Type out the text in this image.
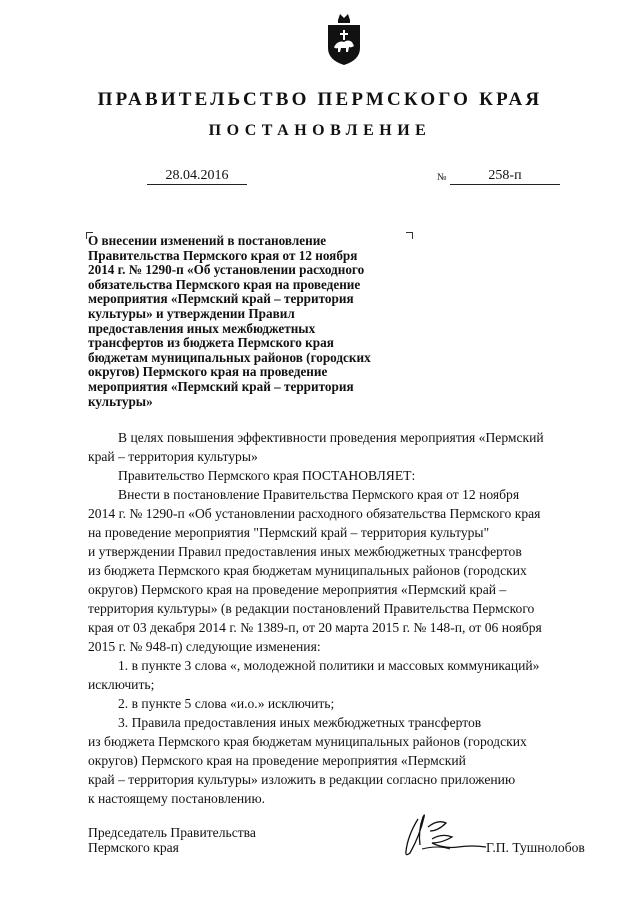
ПРАВИТЕЛЬСТВО ПЕРМСКОГО КРАЯ
ПОСТАНОВЛЕНИЕ
28.04.2016	№	258-п
О внесении изменений в постановление
Правительства Пермского края от 12 ноября
2014 г. № 1290-п «Об установлении расходного
обязательства Пермского края на проведение
мероприятия «Пермский край – территория
культуры» и утверждении Правил
предоставления иных межбюджетных
трансфертов из бюджета Пермского края
бюджетам муниципальных районов (городских
округов) Пермского края на проведение
мероприятия «Пермский край – территория
культуры»

В целях повышения эффективности проведения мероприятия «Пермский
край – территория культуры»

Правительство Пермского края ПОСТАНОВЛЯЕТ:

Внести в постановление Правительства Пермского края от 12 ноября
2014 г. № 1290-п «Об установлении расходного обязательства Пермского края
на проведение мероприятия "Пермский край – территория культуры"
и утверждении Правил предоставления иных межбюджетных трансфертов
из бюджета Пермского края бюджетам муниципальных районов (городских
округов) Пермского края на проведение мероприятия «Пермский край –
территория культуры» (в редакции постановлений Правительства Пермского
края от 03 декабря 2014 г. № 1389-п, от 20 марта 2015 г. № 148-п, от 06 ноября
2015 г. № 948-п) следующие изменения:

1. в пункте 3 слова «, молодежной политики и массовых коммуникаций»
исключить;

2. в пункте 5 слова «и.о.» исключить;

3. Правила предоставления иных межбюджетных трансфертов
из бюджета Пермского края бюджетам муниципальных районов (городских
округов) Пермского края на проведение мероприятия «Пермский
край – территория культуры» изложить в редакции согласно приложению
к настоящему постановлению.

Председатель Правительства
Пермского края	Г.П. Тушнолобов
